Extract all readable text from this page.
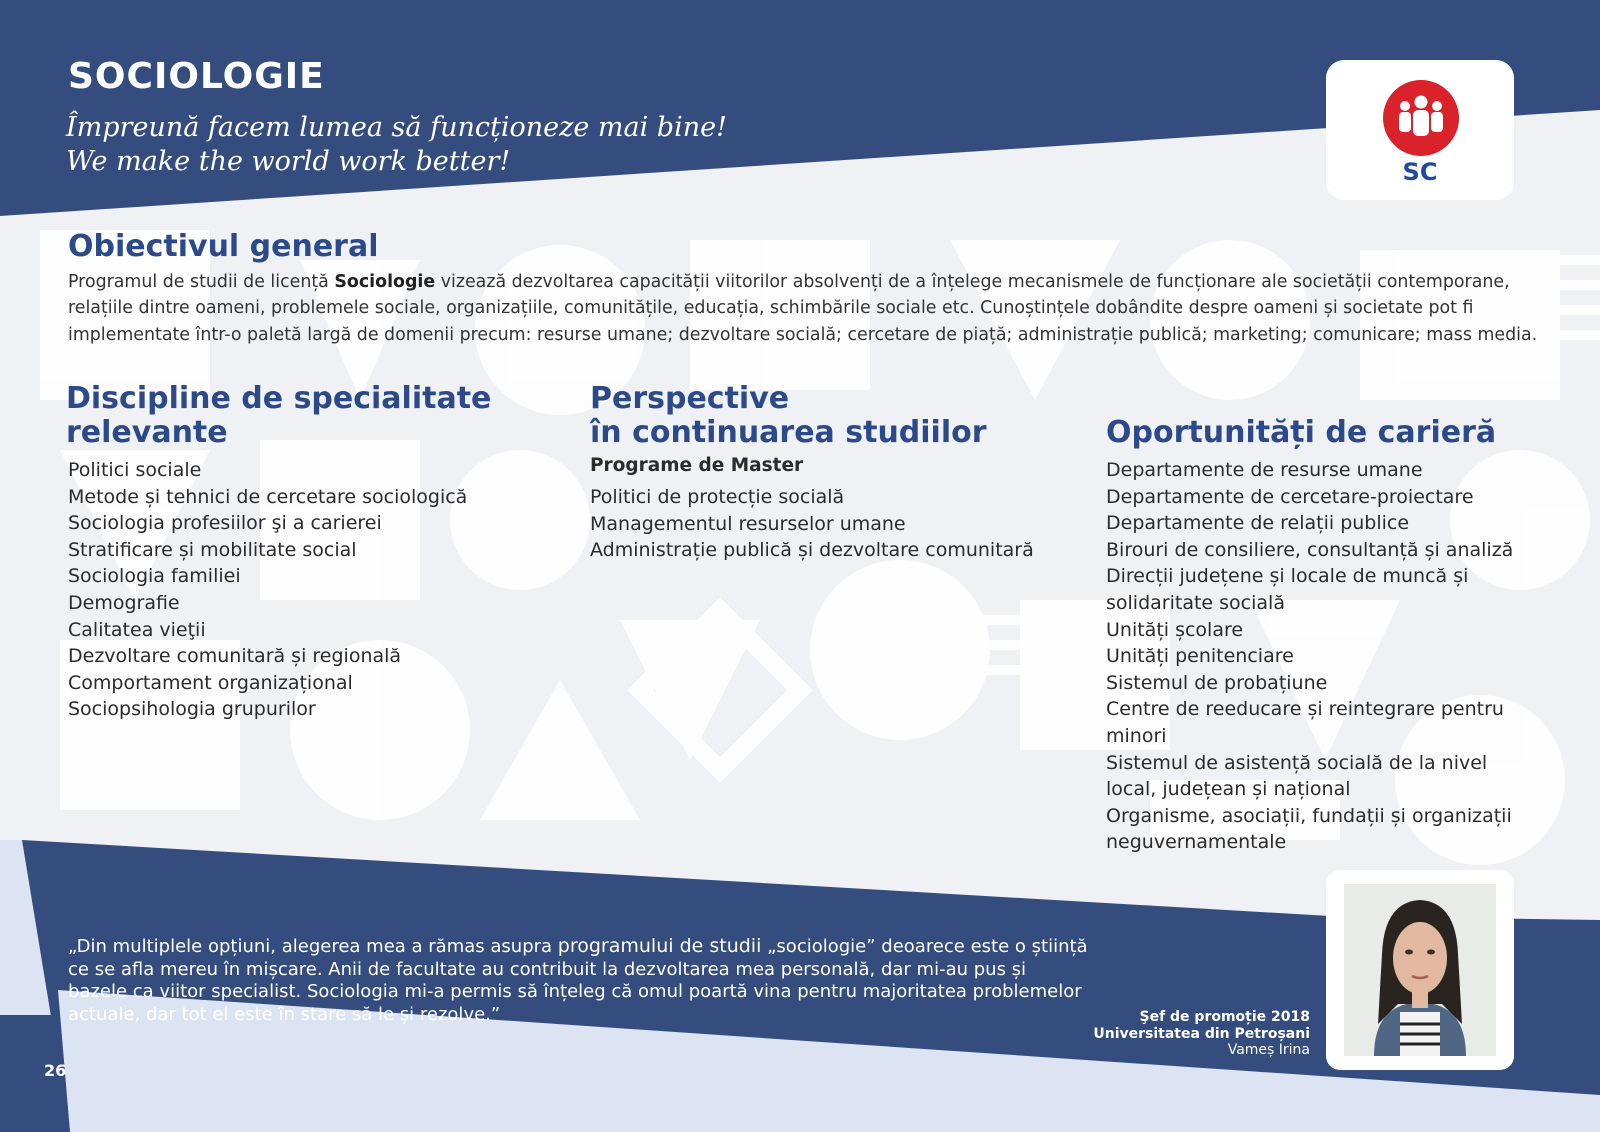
SOCIOLOGIE

Împreună facem lumea să funcționeze mai bine!

We make the world work better!	SC
Obiectivul general

Programul de studii de licență Sociologie vizează dezvoltarea capacității viitorilor absolvenți de a înțelege mecanismele de funcționare ale societății contemporane, relațiile dintre oameni, problemele sociale, organizațiile, comunitățile, educația, schimbările sociale etc. Cunoștințele dobândite despre oameni și societate pot fi implementate într-o paletă largă de domenii precum: resurse umane; dezvoltare socială; cercetare de piață; administrație publică; marketing; comunicare; mass media.

Discipline de specialitate
relevante
Politici sociale
Metode și tehnici de cercetare sociologică
Sociologia profesiilor şi a carierei
Stratificare și mobilitate social
Sociologia familiei
Demografie
Calitatea vieţii
Dezvoltare comunitară și regională
Comportament organizațional
Sociopsihologia grupurilor
Perspective
în continuarea studiilor

Programe de Master

Politici de protecție socială
Managementul resurselor umane
Administrație publică și dezvoltare comunitară
Oportunități de carieră
Departamente de resurse umane
Departamente de cercetare-proiectare
Departamente de relații publice
Birouri de consiliere, consultanță și analiză
Direcții județene și locale de muncă și solidaritate socială
Unități școlare
Unități penitenciare
Sistemul de probațiune
Centre de reeducare și reintegrare pentru minori
Sistemul de asistență socială de la nivel local, județean și național
Organisme, asociații, fundații și organizații neguvernamentale

„Din multiplele opțiuni, alegerea mea a rămas asupra programului de studii „sociologie” deoarece este o știință ce se afla mereu în mișcare. Anii de facultate au contribuit la dezvoltarea mea personală, dar mi-au pus și bazele ca viitor specialist. Sociologia mi-a permis să înțeleg că omul poartă vina pentru majoritatea problemelor actuale, dar tot el este în stare să le și rezolve.”	Şef de promoție 2018
Universitatea din Petroșani
Vameș Irina

26
